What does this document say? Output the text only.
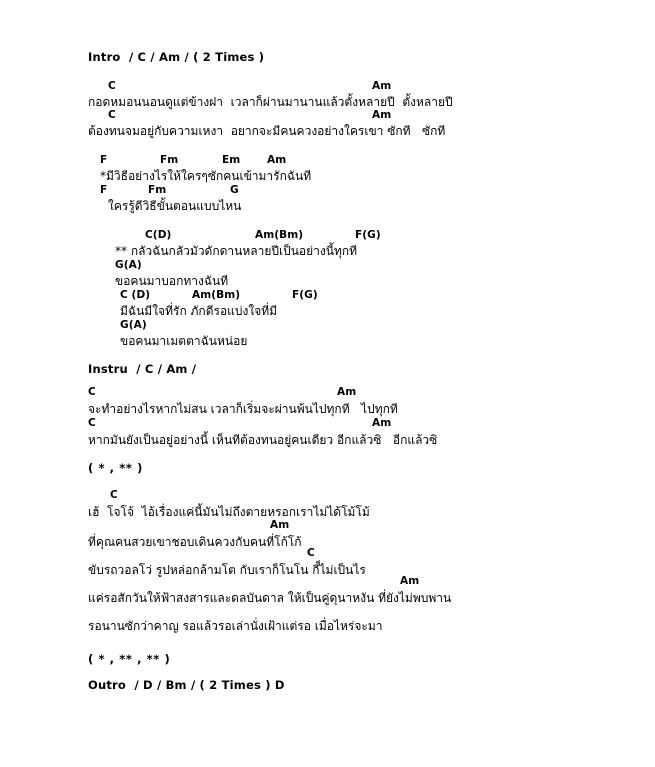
Intro  / C / Am / ( 2 Times )
C	Am
กอดหมอนนอนดูแต่ข้างฝา  เวลาก็ผ่านมานานแล้วตั้งหลายปี  ตั้งหลายปี
C	Am
ต้องทนจมอยู่กับความเหงา  อยากจะมีคนควงอย่างใครเขา ซักที   ซักที
F	Fm	Em	Am
*มีวิธีอย่างไรให้ใครๆซักคนเข้ามารักฉันที
F	Fm	G
ใครรู้ดีวิธีขั้นตอนแบบไหน
C(D)	Am(Bm)	F(G)
** กลัวฉันกลัวมัวดักดานหลายปีเป็นอย่างนี้ทุกที
G(A)
ขอคนมาบอกทางฉันที
C (D)	Am(Bm)	F(G)
มีฉันมีใจที่รัก ภักดีรอแบ่งใจที่มี
G(A)
ขอคนมาเมตตาฉันหน่อย
Instru  / C / Am /
C	Am
จะทำอย่างไรหากไม่สน เวลาก็เริ่มจะผ่านพ้นไปทุกที   ไปทุกที
C	Am
หากมันยังเป็นอยู่อย่างนี้ เห็นทีต้องทนอยู่คนเดียว อีกแล้วซิ   อีกแล้วซิ
( * , ** )
C
เฮ้  โจโจ้  ไอ้เรื่องแค่นี้มันไม่ถึงตายหรอกเราไม่ได้โม้โม้
Am
ที่คุณคนสวยเขาชอบเดินควงกับคนที่โก้โก้
C
ขับรถวอลโว่ รูปหล่อกล้ามโต กับเราก็โนโน กี็ไม่เป็นไร
Am
แค่รอสักวันให้ฟ้าสงสารและดลบันดาล ให้เป็นคู่ดุนาหงัน ที่ยังไม่พบพาน
รอนานซักว่าคาญ รอแล้วรอเล่านั่งเฝ้าแต่รอ เมื่อไหร่จะมา
( * , ** , ** )
Outro  / D / Bm / ( 2 Times ) D
